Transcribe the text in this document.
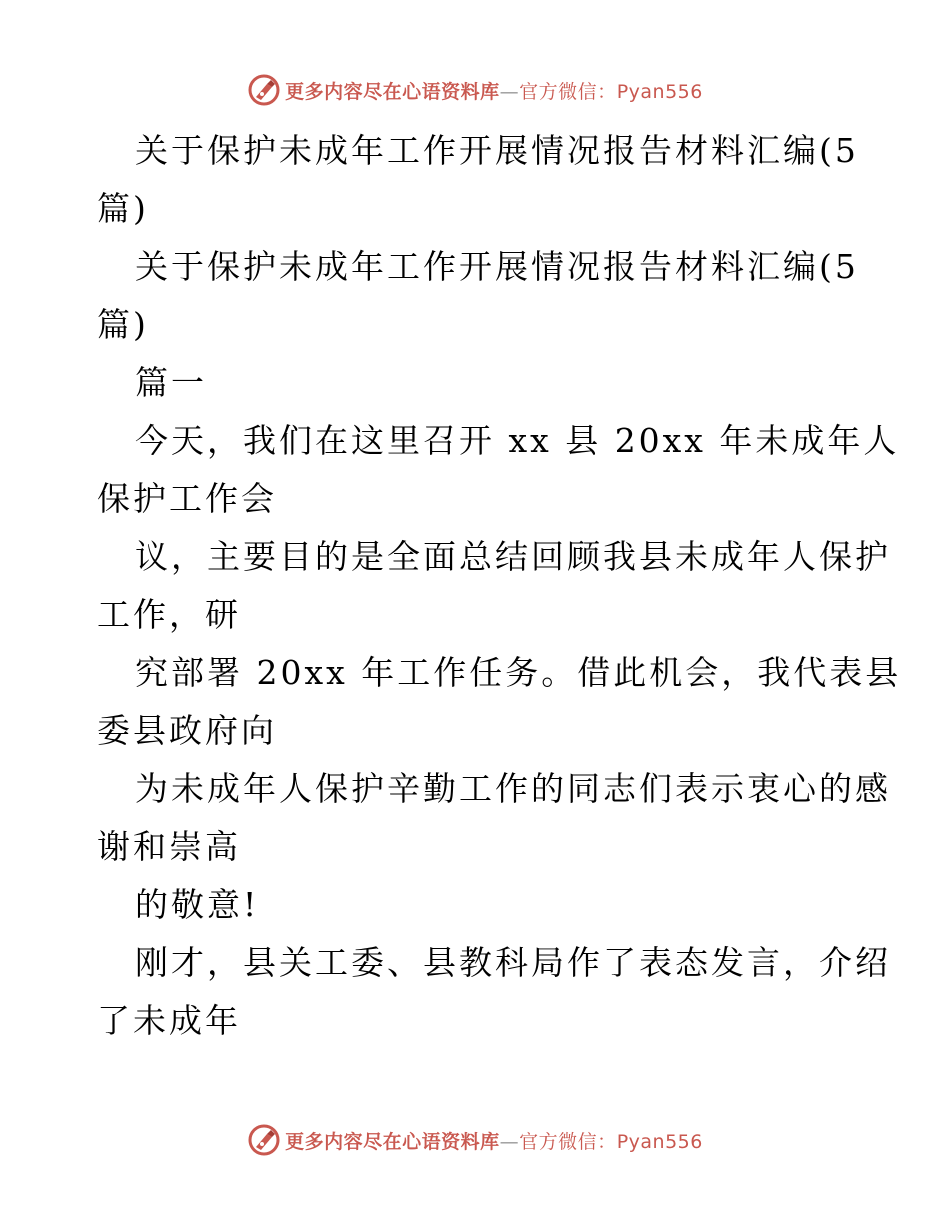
更多内容尽在心语资料库—官方微信：Pyan556
关于保护未成年工作开展情况报告材料汇编(5
篇)
关于保护未成年工作开展情况报告材料汇编(5
篇)
篇一
今天，我们在这里召开 xx 县 20xx 年未成年人
保护工作会
议，主要目的是全面总结回顾我县未成年人保护
工作，研
究部署 20xx 年工作任务。借此机会，我代表县
委县政府向
为未成年人保护辛勤工作的同志们表示衷心的感
谢和崇高
的敬意!
刚才，县关工委、县教科局作了表态发言，介绍
了未成年
更多内容尽在心语资料库—官方微信：Pyan556
